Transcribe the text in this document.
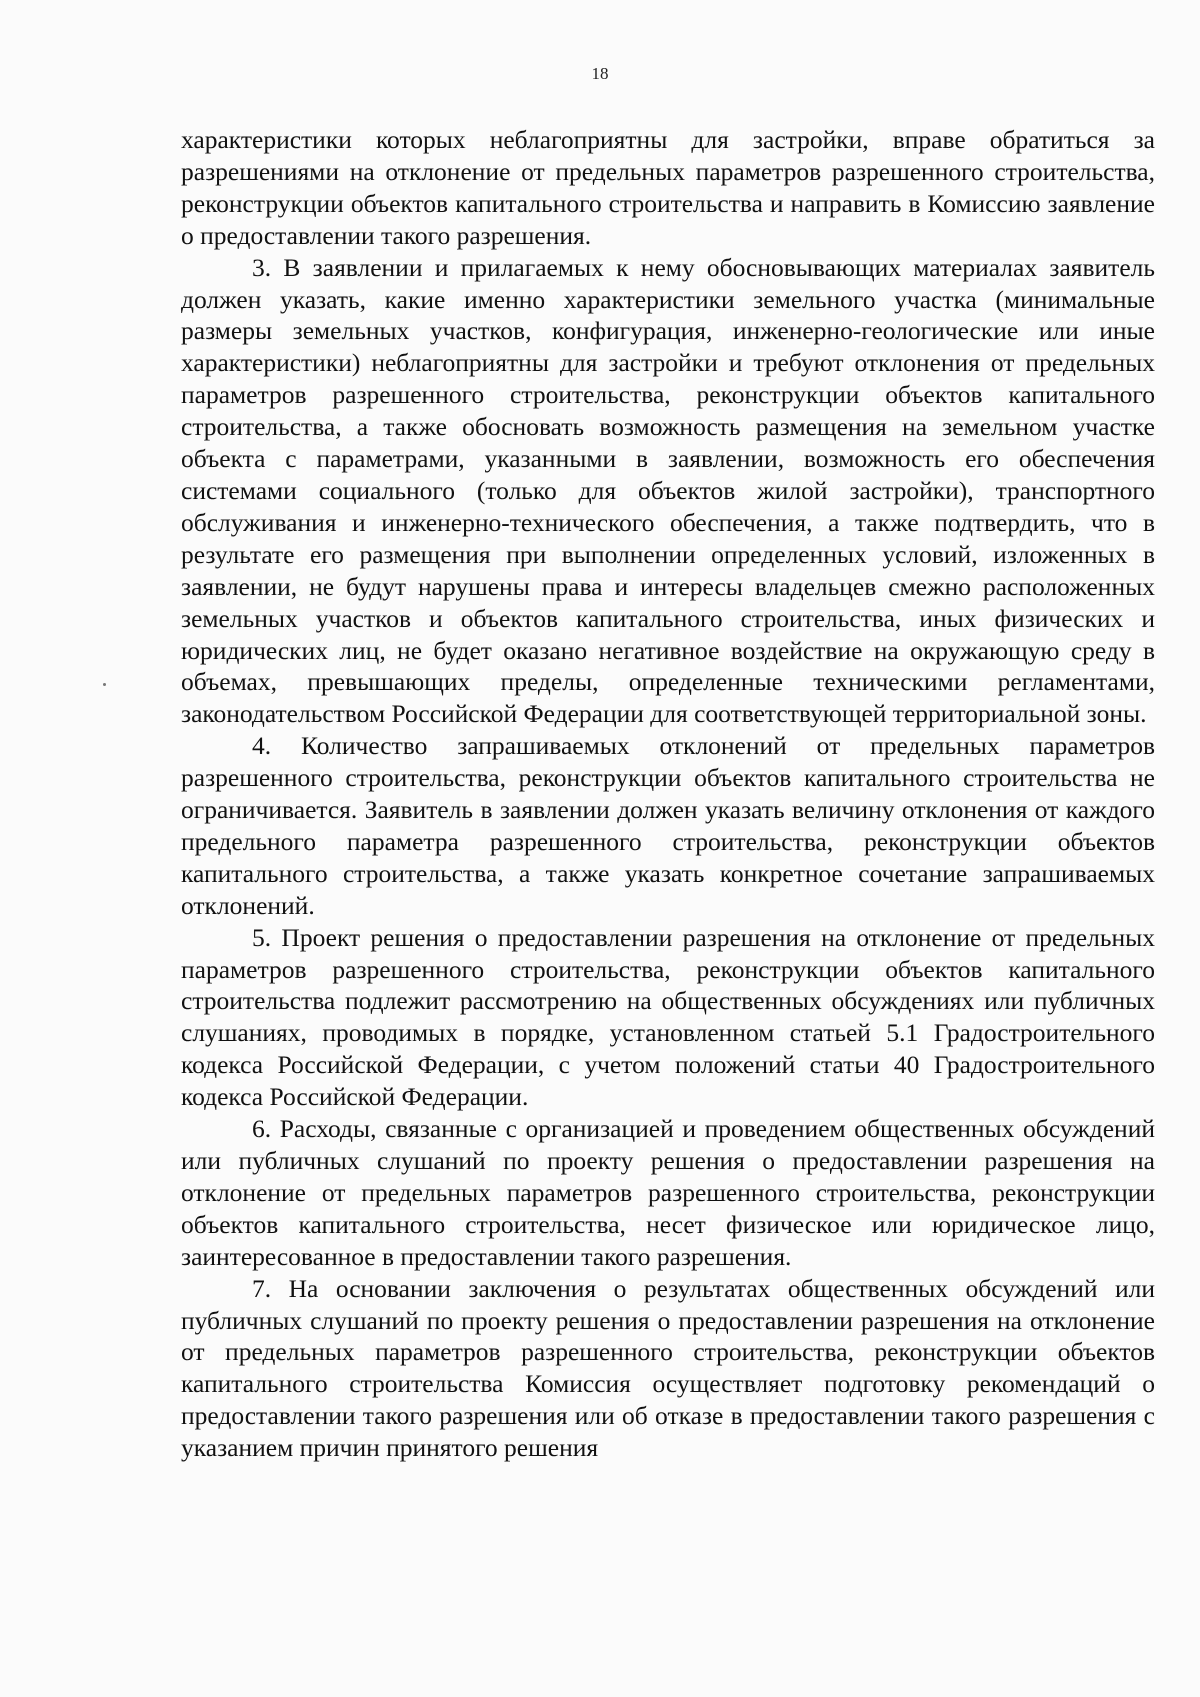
18

характеристики которых неблагоприятны для застройки, вправе обратиться за разрешениями на отклонение от предельных параметров разрешенного строительства, реконструкции объектов капитального строительства и направить в Комиссию заявление о предоставлении такого разрешения.

3. В заявлении и прилагаемых к нему обосновывающих материалах заявитель должен указать, какие именно характеристики земельного участка (минимальные размеры земельных участков, конфигурация, инженерно-геологические или иные характеристики) неблагоприятны для застройки и требуют отклонения от предельных параметров разрешенного строительства, реконструкции объектов капитального строительства, а также обосновать возможность размещения на земельном участке объекта с параметрами, указанными в заявлении, возможность его обеспечения системами социального (только для объектов жилой застройки), транспортного обслуживания и инженерно-технического обеспечения, а также подтвердить, что в результате его размещения при выполнении определенных условий, изложенных в заявлении, не будут нарушены права и интересы владельцев смежно расположенных земельных участков и объектов капитального строительства, иных физических и юридических лиц, не будет оказано негативное воздействие на окружающую среду в объемах, превышающих пределы, определенные техническими регламентами, законодательством Российской Федерации для соответствующей территориальной зоны.

4. Количество запрашиваемых отклонений от предельных параметров разрешенного строительства, реконструкции объектов капитального строительства не ограничивается. Заявитель в заявлении должен указать величину отклонения от каждого предельного параметра разрешенного строительства, реконструкции объектов капитального строительства, а также указать конкретное сочетание запрашиваемых отклонений.

5. Проект решения о предоставлении разрешения на отклонение от предельных параметров разрешенного строительства, реконструкции объектов капитального строительства подлежит рассмотрению на общественных обсуждениях или публичных слушаниях, проводимых в порядке, установленном статьей 5.1 Градостроительного кодекса Российской Федерации, с учетом положений статьи 40 Градостроительного кодекса Российской Федерации.

6. Расходы, связанные с организацией и проведением общественных обсуждений или публичных слушаний по проекту решения о предоставлении разрешения на отклонение от предельных параметров разрешенного строительства, реконструкции объектов капитального строительства, несет физическое или юридическое лицо, заинтересованное в предоставлении такого разрешения.

7. На основании заключения о результатах общественных обсуждений или публичных слушаний по проекту решения о предоставлении разрешения на отклонение от предельных параметров разрешенного строительства, реконструкции объектов капитального строительства Комиссия осуществляет подготовку рекомендаций о предоставлении такого разрешения или об отказе в предоставлении такого разрешения с указанием причин принятого решения
